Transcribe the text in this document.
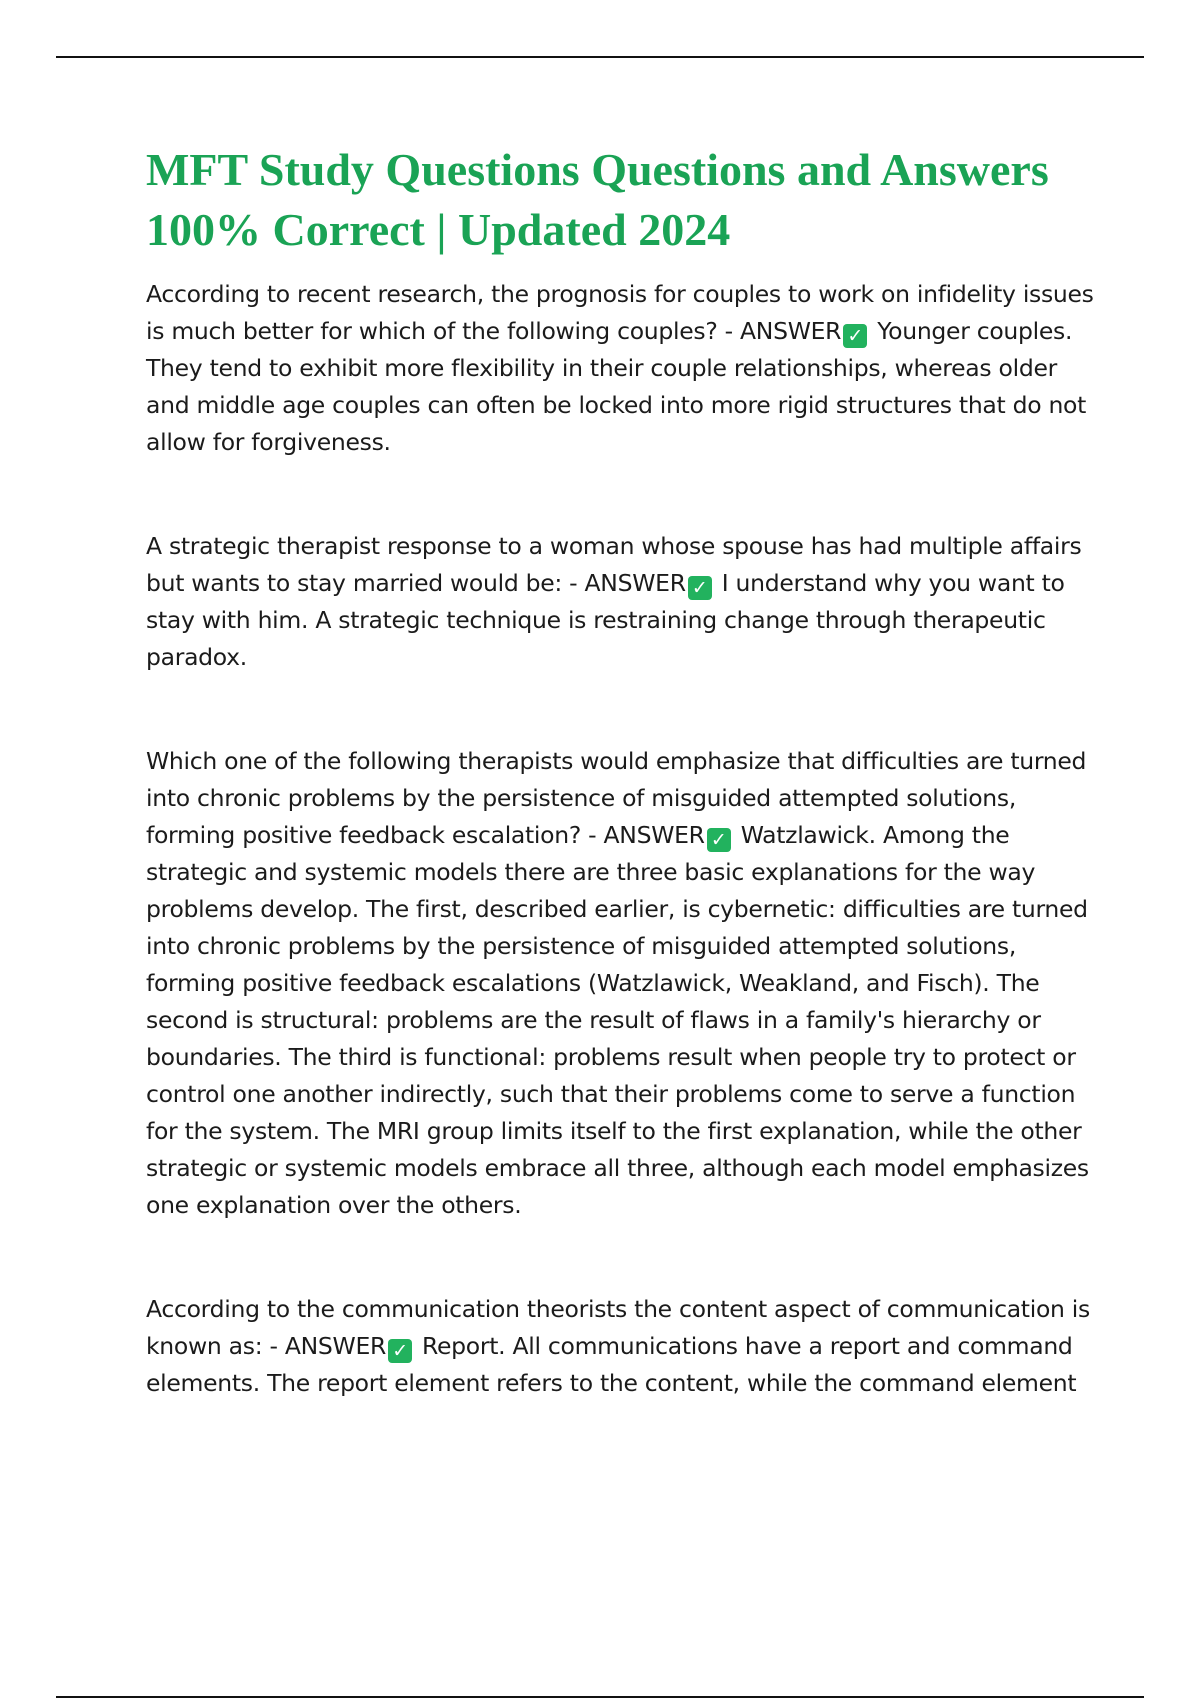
MFT Study Questions Questions and Answers 100% Correct | Updated 2024

According to recent research, the prognosis for couples to work on infidelity issues is much better for which of the following couples? - ANSWER ✓ Younger couples. They tend to exhibit more flexibility in their couple relationships, whereas older and middle age couples can often be locked into more rigid structures that do not allow for forgiveness.

A strategic therapist response to a woman whose spouse has had multiple affairs but wants to stay married would be: - ANSWER ✓ I understand why you want to stay with him. A strategic technique is restraining change through therapeutic paradox.

Which one of the following therapists would emphasize that difficulties are turned into chronic problems by the persistence of misguided attempted solutions, forming positive feedback escalation? - ANSWER ✓ Watzlawick. Among the strategic and systemic models there are three basic explanations for the way problems develop. The first, described earlier, is cybernetic: difficulties are turned into chronic problems by the persistence of misguided attempted solutions, forming positive feedback escalations (Watzlawick, Weakland, and Fisch). The second is structural: problems are the result of flaws in a family's hierarchy or boundaries. The third is functional: problems result when people try to protect or control one another indirectly, such that their problems come to serve a function for the system. The MRI group limits itself to the first explanation, while the other strategic or systemic models embrace all three, although each model emphasizes one explanation over the others.

According to the communication theorists the content aspect of communication is known as: - ANSWER ✓ Report. All communications have a report and command elements. The report element refers to the content, while the command element
